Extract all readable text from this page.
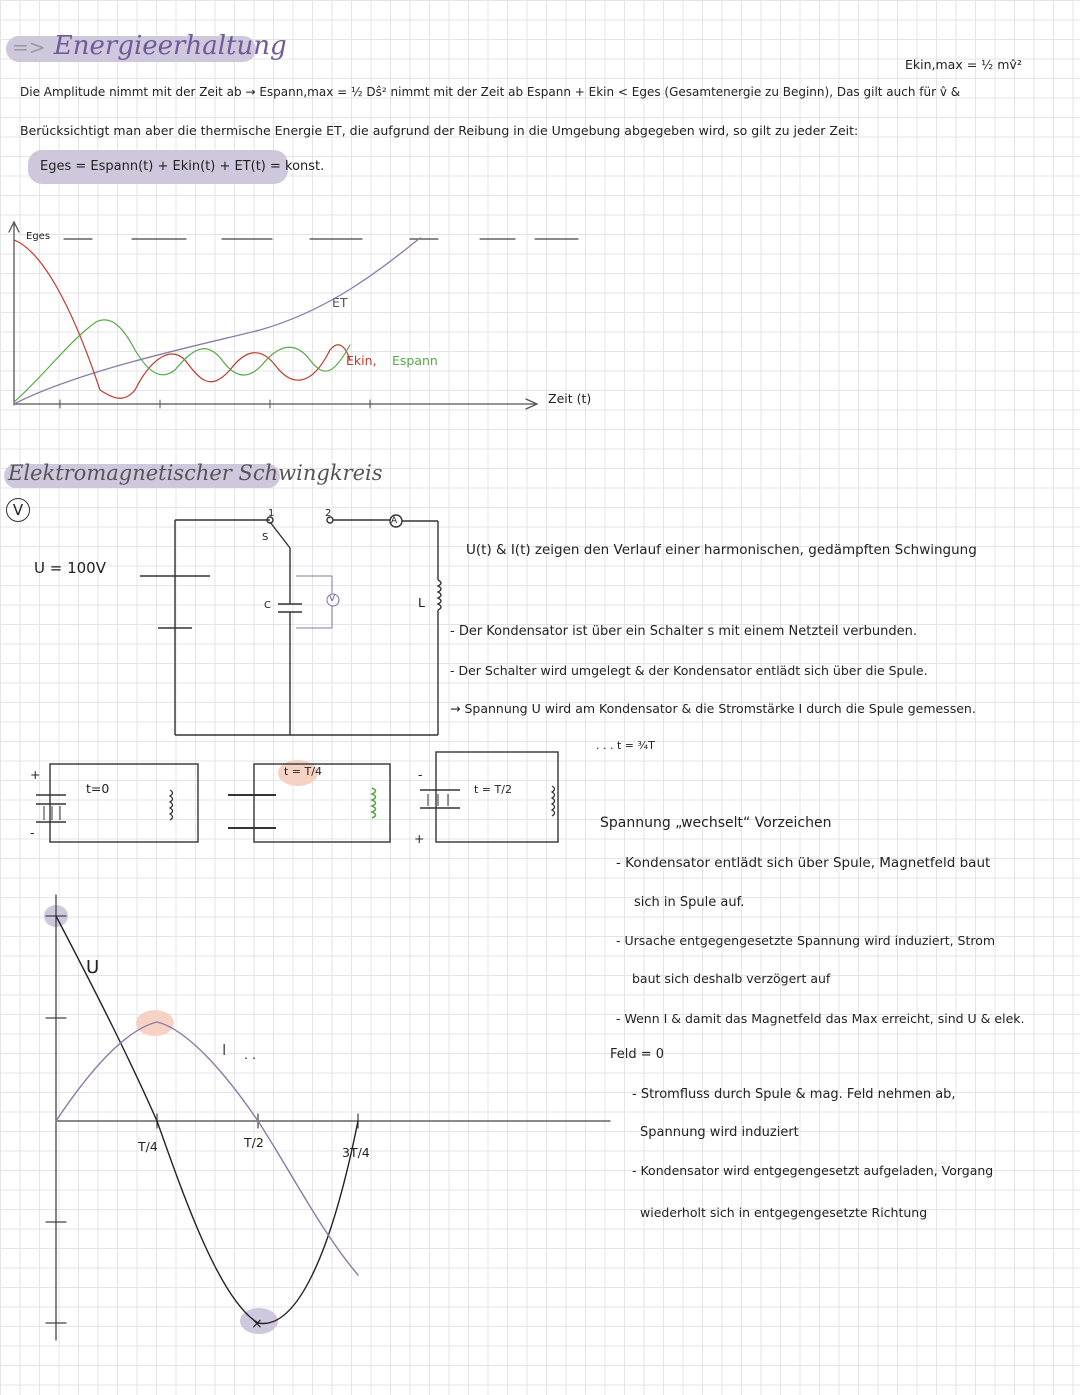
=> Energieerhaltung
Ekin,max = ½ mv̂²
Die Amplitude nimmt mit der Zeit ab → Espann,max = ½ Dŝ² nimmt mit der Zeit ab Espann + Ekin < Eges (Gesamtenergie zu Beginn), Das gilt auch für v̂ &
Berücksichtigt man aber die thermische Energie ET, die aufgrund der Reibung in die Umgebung abgegeben wird, so gilt zu jeder Zeit:
Eges = Espann(t) + Ekin(t) + ET(t) = konst.
Eges
ET
Ekin, Espann
Zeit (t)
Elektromagnetischer Schwingkreis
V
U = 100V
S
1	2
C	L
A
V
U(t) & I(t) zeigen den Verlauf einer harmonischen, gedämpften Schwingung
- Der Kondensator ist über ein Schalter s mit einem Netzteil verbunden.
- Der Schalter wird umgelegt & der Kondensator entlädt sich über die Spule.
→ Spannung U wird am Kondensator & die Stromstärke I durch die Spule gemessen.
. . . t = ¾T
t=0
t = T/4
t = T/2
+
-
-
+
U
I . .
T/4	T/2
3T/4
Spannung „wechselt“ Vorzeichen
- Kondensator entlädt sich über Spule, Magnetfeld baut
sich in Spule auf.
- Ursache entgegengesetzte Spannung wird induziert, Strom
baut sich deshalb verzögert auf
- Wenn I & damit das Magnetfeld das Max erreicht, sind U & elek.
Feld = 0
- Stromfluss durch Spule & mag. Feld nehmen ab,
Spannung wird induziert
- Kondensator wird entgegengesetzt aufgeladen, Vorgang
wiederholt sich in entgegengesetzte Richtung
×
